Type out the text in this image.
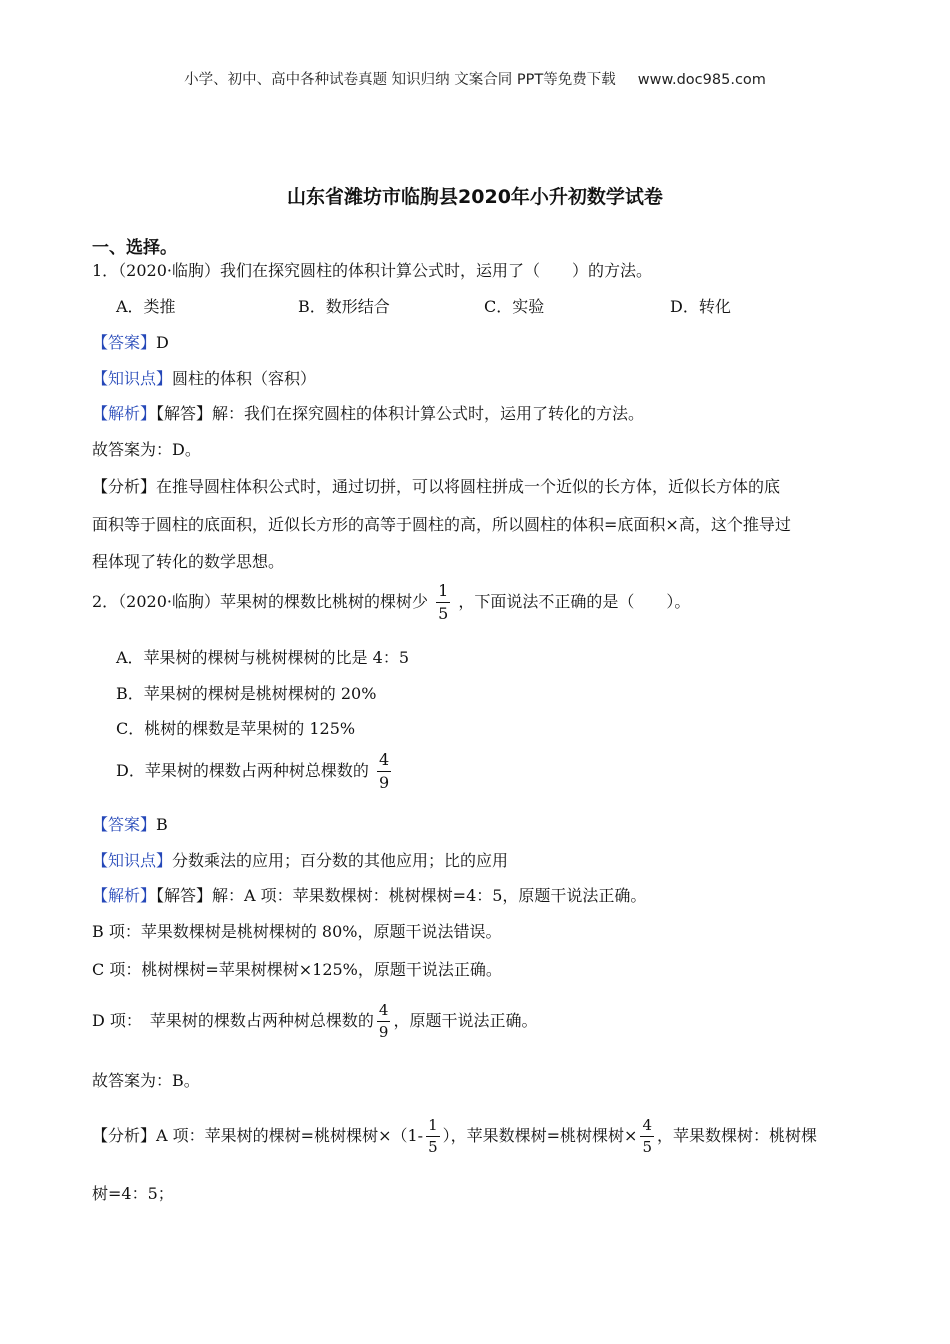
小学、初中、高中各种试卷真题 知识归纳 文案合同 PPT等免费下载 www.doc985.com
山东省潍坊市临朐县2020年小升初数学试卷
一、选择。
1．（2020·临朐）我们在探究圆柱的体积计算公式时，运用了（　　）的方法。
A．类推	B．数形结合	C．实验	D．转化
【答案】D
【知识点】圆柱的体积（容积）
【解析】【解答】解：我们在探究圆柱的体积计算公式时，运用了转化的方法。
故答案为：D。
【分析】在推导圆柱体积公式时，通过切拼，可以将圆柱拼成一个近似的长方体，近似长方体的底
面积等于圆柱的底面积，近似长方形的高等于圆柱的高，所以圆柱的体积=底面积×高，这个推导过
程体现了转化的数学思想。
2．（2020·临朐）苹果树的棵数比桃树的棵树少 $\frac{1}{5}$ ，下面说法不正确的是（　　）。
A．苹果树的棵树与桃树棵树的比是 4：5
B．苹果树的棵树是桃树棵树的 20%
C．桃树的棵数是苹果树的 125%
D．苹果树的棵数占两种树总棵数的 $\frac{4}{9}$
【答案】B
【知识点】分数乘法的应用；百分数的其他应用；比的应用
【解析】【解答】解：A 项：苹果数棵树：桃树棵树=4：5，原题干说法正确。
B 项：苹果数棵树是桃树棵树的 80%，原题干说法错误。
C 项：桃树棵树=苹果树棵树×125%，原题干说法正确。
D 项：　苹果树的棵数占两种树总棵数的 $\frac{4}{9}$ ，原题干说法正确。
故答案为：B。
【分析】A 项：苹果树的棵树=桃树棵树$\times(1- \frac{1}{5}$ ），苹果数棵树=桃树棵树× $\frac{4}{5}$ ，苹果数棵树：桃树棵
树=4：5；
